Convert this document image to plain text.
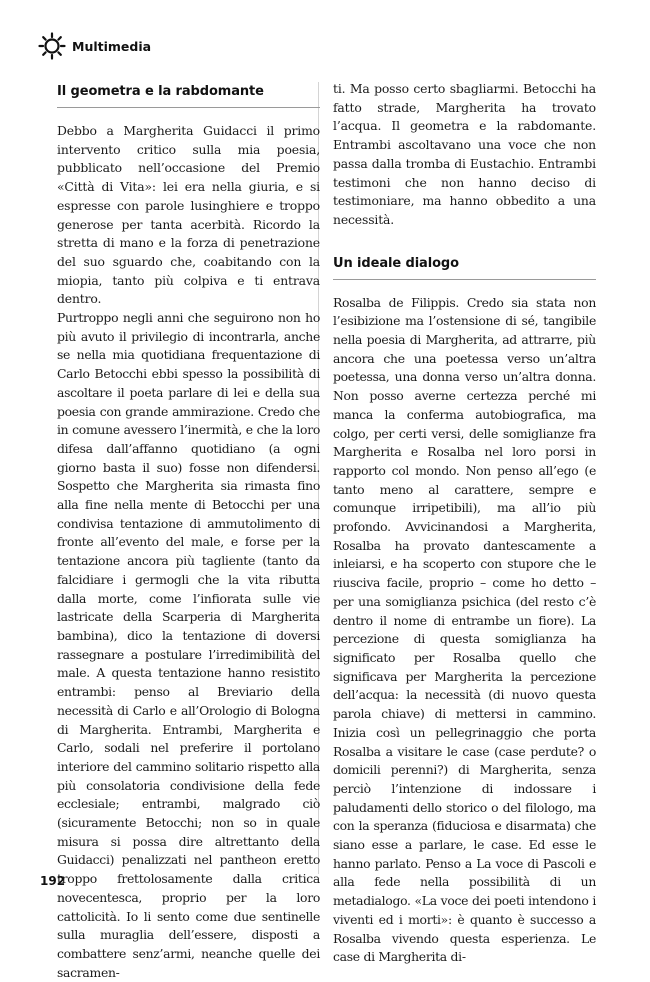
Multimedia
Il geometra e la rabdomante

Debbo a Margherita Guidacci il primo intervento critico sulla mia poesia, pubblicato nell’occasione del Premio «Città di Vita»: lei era nella giuria, e si espresse con parole lusinghiere e troppo generose per tanta acerbità. Ricordo la stretta di mano e la forza di penetrazione del suo sguardo che, coabitando con la miopia, tanto più colpiva e ti entrava dentro.

Purtroppo negli anni che seguirono non ho più avuto il privilegio di incontrarla, anche se nella mia quotidiana frequentazione di Carlo Betocchi ebbi spesso la possibilità di ascoltare il poeta parlare di lei e della sua poesia con grande ammirazione. Credo che in comune avessero l’inermità, e che la loro difesa dall’affanno quotidiano (a ogni giorno basta il suo) fosse non difendersi. Sospetto che Margherita sia rimasta fino alla fine nella mente di Betocchi per una condivisa tentazione di ammutolimento di fronte all’evento del male, e forse per la tentazione ancora più tagliente (tanto da falcidiare i germogli che la vita ributta dalla morte, come l’infiorata sulle vie lastricate della Scarperia di Margherita bambina), dico la tentazione di doversi rassegnare a postulare l’irredimibilità del male. A questa tentazione hanno resistito entrambi: penso al Breviario della necessità di Carlo e all’Orologio di Bologna di Margherita. Entrambi, Margherita e Carlo, sodali nel preferire il portolano interiore del cammino solitario rispetto alla più consolatoria condivisione della fede ecclesiale; entrambi, malgrado ciò (sicuramente Betocchi; non so in quale misura si possa dire altrettanto della Guidacci) penalizzati nel pantheon eretto troppo frettolosamente dalla critica novecentesca, proprio per la loro cattolicità. Io li sento come due sentinelle sulla muraglia dell’essere, disposti a combattere senz’armi, neanche quelle dei sacramen-

ti. Ma posso certo sbagliarmi. Betocchi ha fatto strade, Margherita ha trovato l’acqua. Il geometra e la rabdomante. Entrambi ascoltavano una voce che non passa dalla tromba di Eustachio. Entrambi testimoni che non hanno deciso di testimoniare, ma hanno obbedito a una necessità.

Un ideale dialogo

Rosalba de Filippis. Credo sia stata non l’esibizione ma l’ostensione di sé, tangibile nella poesia di Margherita, ad attrarre, più ancora che una poetessa verso un’altra poetessa, una donna verso un’altra donna. Non posso averne certezza perché mi manca la conferma autobiografica, ma colgo, per certi versi, delle somiglianze fra Margherita e Rosalba nel loro porsi in rapporto col mondo. Non penso all’ego (e tanto meno al carattere, sempre e comunque irripetibili), ma all’io più profondo. Avvicinandosi a Margherita, Rosalba ha provato dantescamente a inleiarsi, e ha scoperto con stupore che le riusciva facile, proprio – come ho detto – per una somiglianza psichica (del resto c’è dentro il nome di entrambe un fiore). La percezione di questa somiglianza ha significato per Rosalba quello che significava per Margherita la percezione dell’acqua: la necessità (di nuovo questa parola chiave) di mettersi in cammino. Inizia così un pellegrinaggio che porta Rosalba a visitare le case (case perdute? o domicili perenni?) di Margherita, senza perciò l’intenzione di indossare i paludamenti dello storico o del filologo, ma con la speranza (fiduciosa e disarmata) che siano esse a parlare, le case. Ed esse le hanno parlato. Penso a La voce di Pascoli e alla fede nella possibilità di un metadialogo. «La voce dei poeti intendono i viventi ed i morti»: è quanto è successo a Rosalba vivendo questa esperienza. Le case di Margherita di-

192
